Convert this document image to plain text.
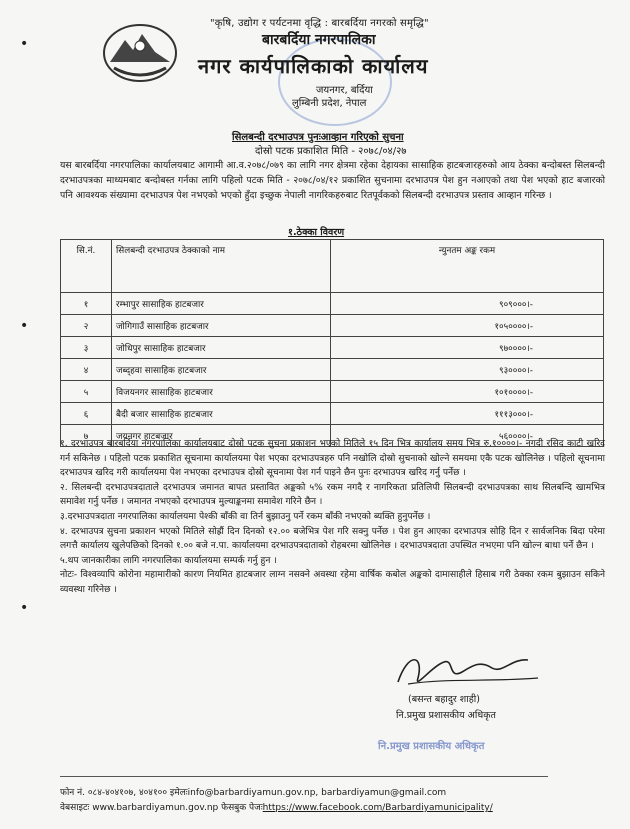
•
•
•
"कृषि, उद्योग र पर्यटनमा वृद्धि : बारबर्दिया नगरको समृद्धि"
बारबर्दिया नगरपालिका
नगर कार्यपालिकाको कार्यालय
जयनगर, बर्दिया
लुम्बिनी प्रदेश, नेपाल
सिलबन्दी दरभाउपत्र पुनःआव्हान गरिएको सुचना
दोस्रो पटक प्रकाशित मिति - २०७८/०४/२७
यस बारबर्दिया नगरपालिका कार्यालयबाट आगामी आ.व.२०७८/०७९ का लागि नगर क्षेत्रमा रहेका देहायका सासाहिक हाटबजारहरुको आय ठेक्का बन्दोबस्त सिलबन्दी दरभाउपत्रका माध्यमबाट बन्दोबस्त गर्नका लागि पहिलो पटक मिति - २०७८/०४/१२ प्रकाशित सुचनामा दरभाउपत्र पेश हुन नआएको तथा पेश भएको हाट बजारको पनि आवश्यक संख्यामा दरभाउपत्र पेश नभएको भएको हुँदा इच्छुक नेपाली नागरिकहरुबाट रितपूर्वकको सिलबन्दी दरभाउपत्र प्रस्ताव आव्हान गरिन्छ ।
१.ठेक्का विवरण
सि.नं.	सिलबन्दी दरभाउपत्र ठेक्काको नाम	न्युनतम अङ्क रकम
१	रम्भापुर सासाहिक हाटबजार	९०९०००।-
२	जोगिगाउँ सासाहिक हाटबजार	१०५००००।-
३	जोधिपुर सासाहिक हाटबजार	९७००००।-
४	जब्द्हवा सासाहिक हाटबजार	९३००००।-
५	विजयनगर सासाहिक हाटबजार	१०१००००।-
६	बैदी बजार सासाहिक हाटबजार	१११३०००।-
७	जयनगर हाटबजार	५६००००।-

१. दरभाउपत्र बारबर्दिया नगरपालिका कार्यालयबाट दोस्रो पटक सुचना प्रकाशन भएको मितिले १५ दिन भित्र कार्यालय समय भित्र रु.१००००।- नगदी रसिद काटी खरिद गर्न सकिनेछ । पहिलो पटक प्रकाशित सूचनामा कार्यालयमा पेश भएका दरभाउपत्रहरु पनि नखोलि दोस्रो सुचनाको खोल्ने समयमा एकै पटक खोलिनेछ । पहिलो सूचनामा दरभाउपत्र खरिद गरी कार्यालयमा पेश नभएका दरभाउपत्र दोस्रो सूचनामा पेश गर्न पाइने छैन पुनः दरभाउपत्र खरिद गर्नु पर्नेछ ।

२. सिलबन्दी दरभाउपत्रदाताले दरभाउपत्र जमानत बापत प्रस्तावित अङ्कको ५% रकम नगदै र नागरिकता प्रतिलिपी सिलबन्दी दरभाउपत्रका साथ सिलबन्दि खामभित्र समावेश गर्नु पर्नेछ । जमानत नभएको दरभाउपत्र मुल्याङ्कनमा समावेश गरिने छैन ।

३.दरभाउपत्रदाता नगरपालिका कार्यालयमा पेश्की बाँकी वा तिर्न बुझाउनु पर्ने रकम बाँकी नभएको ब्यक्ति हुनुपर्नेछ ।

४. दरभाउपत्र सुचना प्रकाशन भएको मितिले सोह्रौं दिन दिनको १२.०० बजेभित्र पेश गरि सक्नु पर्नेछ । पेश हुन आएका दरभाउपत्र सोहि दिन र सार्वजनिक बिदा परेमा लगत्तै कार्यालय खुलेपछिको दिनको १.०० बजे न.पा. कार्यालयमा दरभाउपत्रदाताको रोहबरमा खोलिनेछ । दरभाउपत्रदाता उपस्थित नभएमा पनि खोल्न बाधा पर्ने छैन ।

५.थप जानकारीका लागि नगरपालिका कार्यालयमा सम्पर्क गर्नु हुन ।

नोटः- विश्वव्यापि कोरोना महामारीको कारण नियमित हाटबजार लाग्न नसक्ने अवस्था रहेमा वार्षिक कबोल अङ्कको दामासाहीले हिसाब गरी ठेक्का रकम बुझाउन सकिने व्यवस्था गरिनेछ ।

(बसन्त बहादुर शाही)
नि.प्रमुख प्रशासकीय अधिकृत
नि.प्रमुख प्रशासकीय अधिकृत
फोन नं. ०८४-४०४१०७, ४०४१०० इमेलःinfo@barbardiyamun.gov.np, barbardiyamun@gmail.com
वेबसाइटः www.barbardiyamun.gov.np फेसबुक पेजःhttps://www.facebook.com/Barbardiyamunicipality/
